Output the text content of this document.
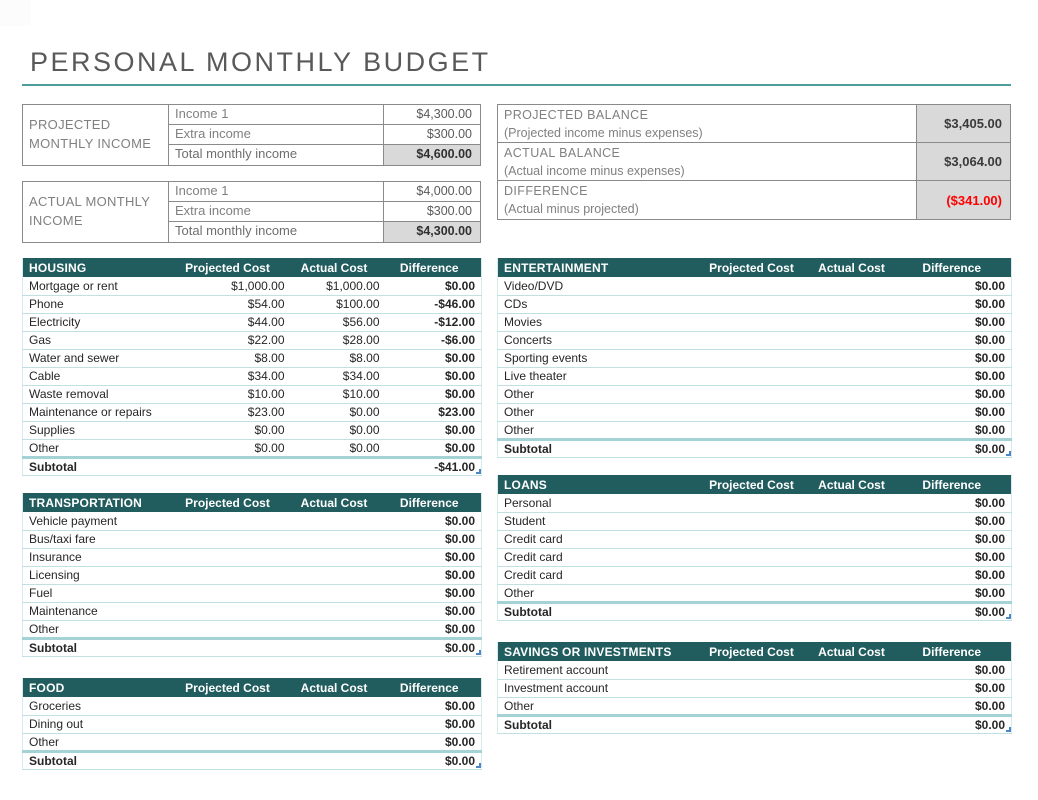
PERSONAL MONTHLY BUDGET
PROJECTED MONTHLY INCOME
Income 1	$4,300.00
Extra income	$300.00
Total monthly income	$4,600.00
ACTUAL MONTHLY INCOME
Income 1	$4,000.00
Extra income	$300.00
Total monthly income	$4,300.00
PROJECTED BALANCE
(Projected income minus expenses)
$3,405.00
ACTUAL BALANCE
(Actual income minus expenses)
$3,064.00
DIFFERENCE
(Actual minus projected)
($341.00)
HOUSING	Projected Cost	Actual Cost	Difference
Mortgage or rent	$1,000.00	$1,000.00	$0.00
Phone	$54.00	$100.00	-$46.00
Electricity	$44.00	$56.00	-$12.00
Gas	$22.00	$28.00	-$6.00
Water and sewer	$8.00	$8.00	$0.00
Cable	$34.00	$34.00	$0.00
Waste removal	$10.00	$10.00	$0.00
Maintenance or repairs	$23.00	$0.00	$23.00
Supplies	$0.00	$0.00	$0.00
Other	$0.00	$0.00	$0.00
Subtotal			-$41.00
TRANSPORTATION	Projected Cost	Actual Cost	Difference
Vehicle payment			$0.00
Bus/taxi fare			$0.00
Insurance			$0.00
Licensing			$0.00
Fuel			$0.00
Maintenance			$0.00
Other			$0.00
Subtotal			$0.00
FOOD	Projected Cost	Actual Cost	Difference
Groceries			$0.00
Dining out			$0.00
Other			$0.00
Subtotal			$0.00
ENTERTAINMENT	Projected Cost	Actual Cost	Difference
Video/DVD			$0.00
CDs			$0.00
Movies			$0.00
Concerts			$0.00
Sporting events			$0.00
Live theater			$0.00
Other			$0.00
Other			$0.00
Other			$0.00
Subtotal			$0.00
LOANS	Projected Cost	Actual Cost	Difference
Personal			$0.00
Student			$0.00
Credit card			$0.00
Credit card			$0.00
Credit card			$0.00
Other			$0.00
Subtotal			$0.00
SAVINGS OR INVESTMENTS	Projected Cost	Actual Cost	Difference
Retirement account			$0.00
Investment account			$0.00
Other			$0.00
Subtotal			$0.00
